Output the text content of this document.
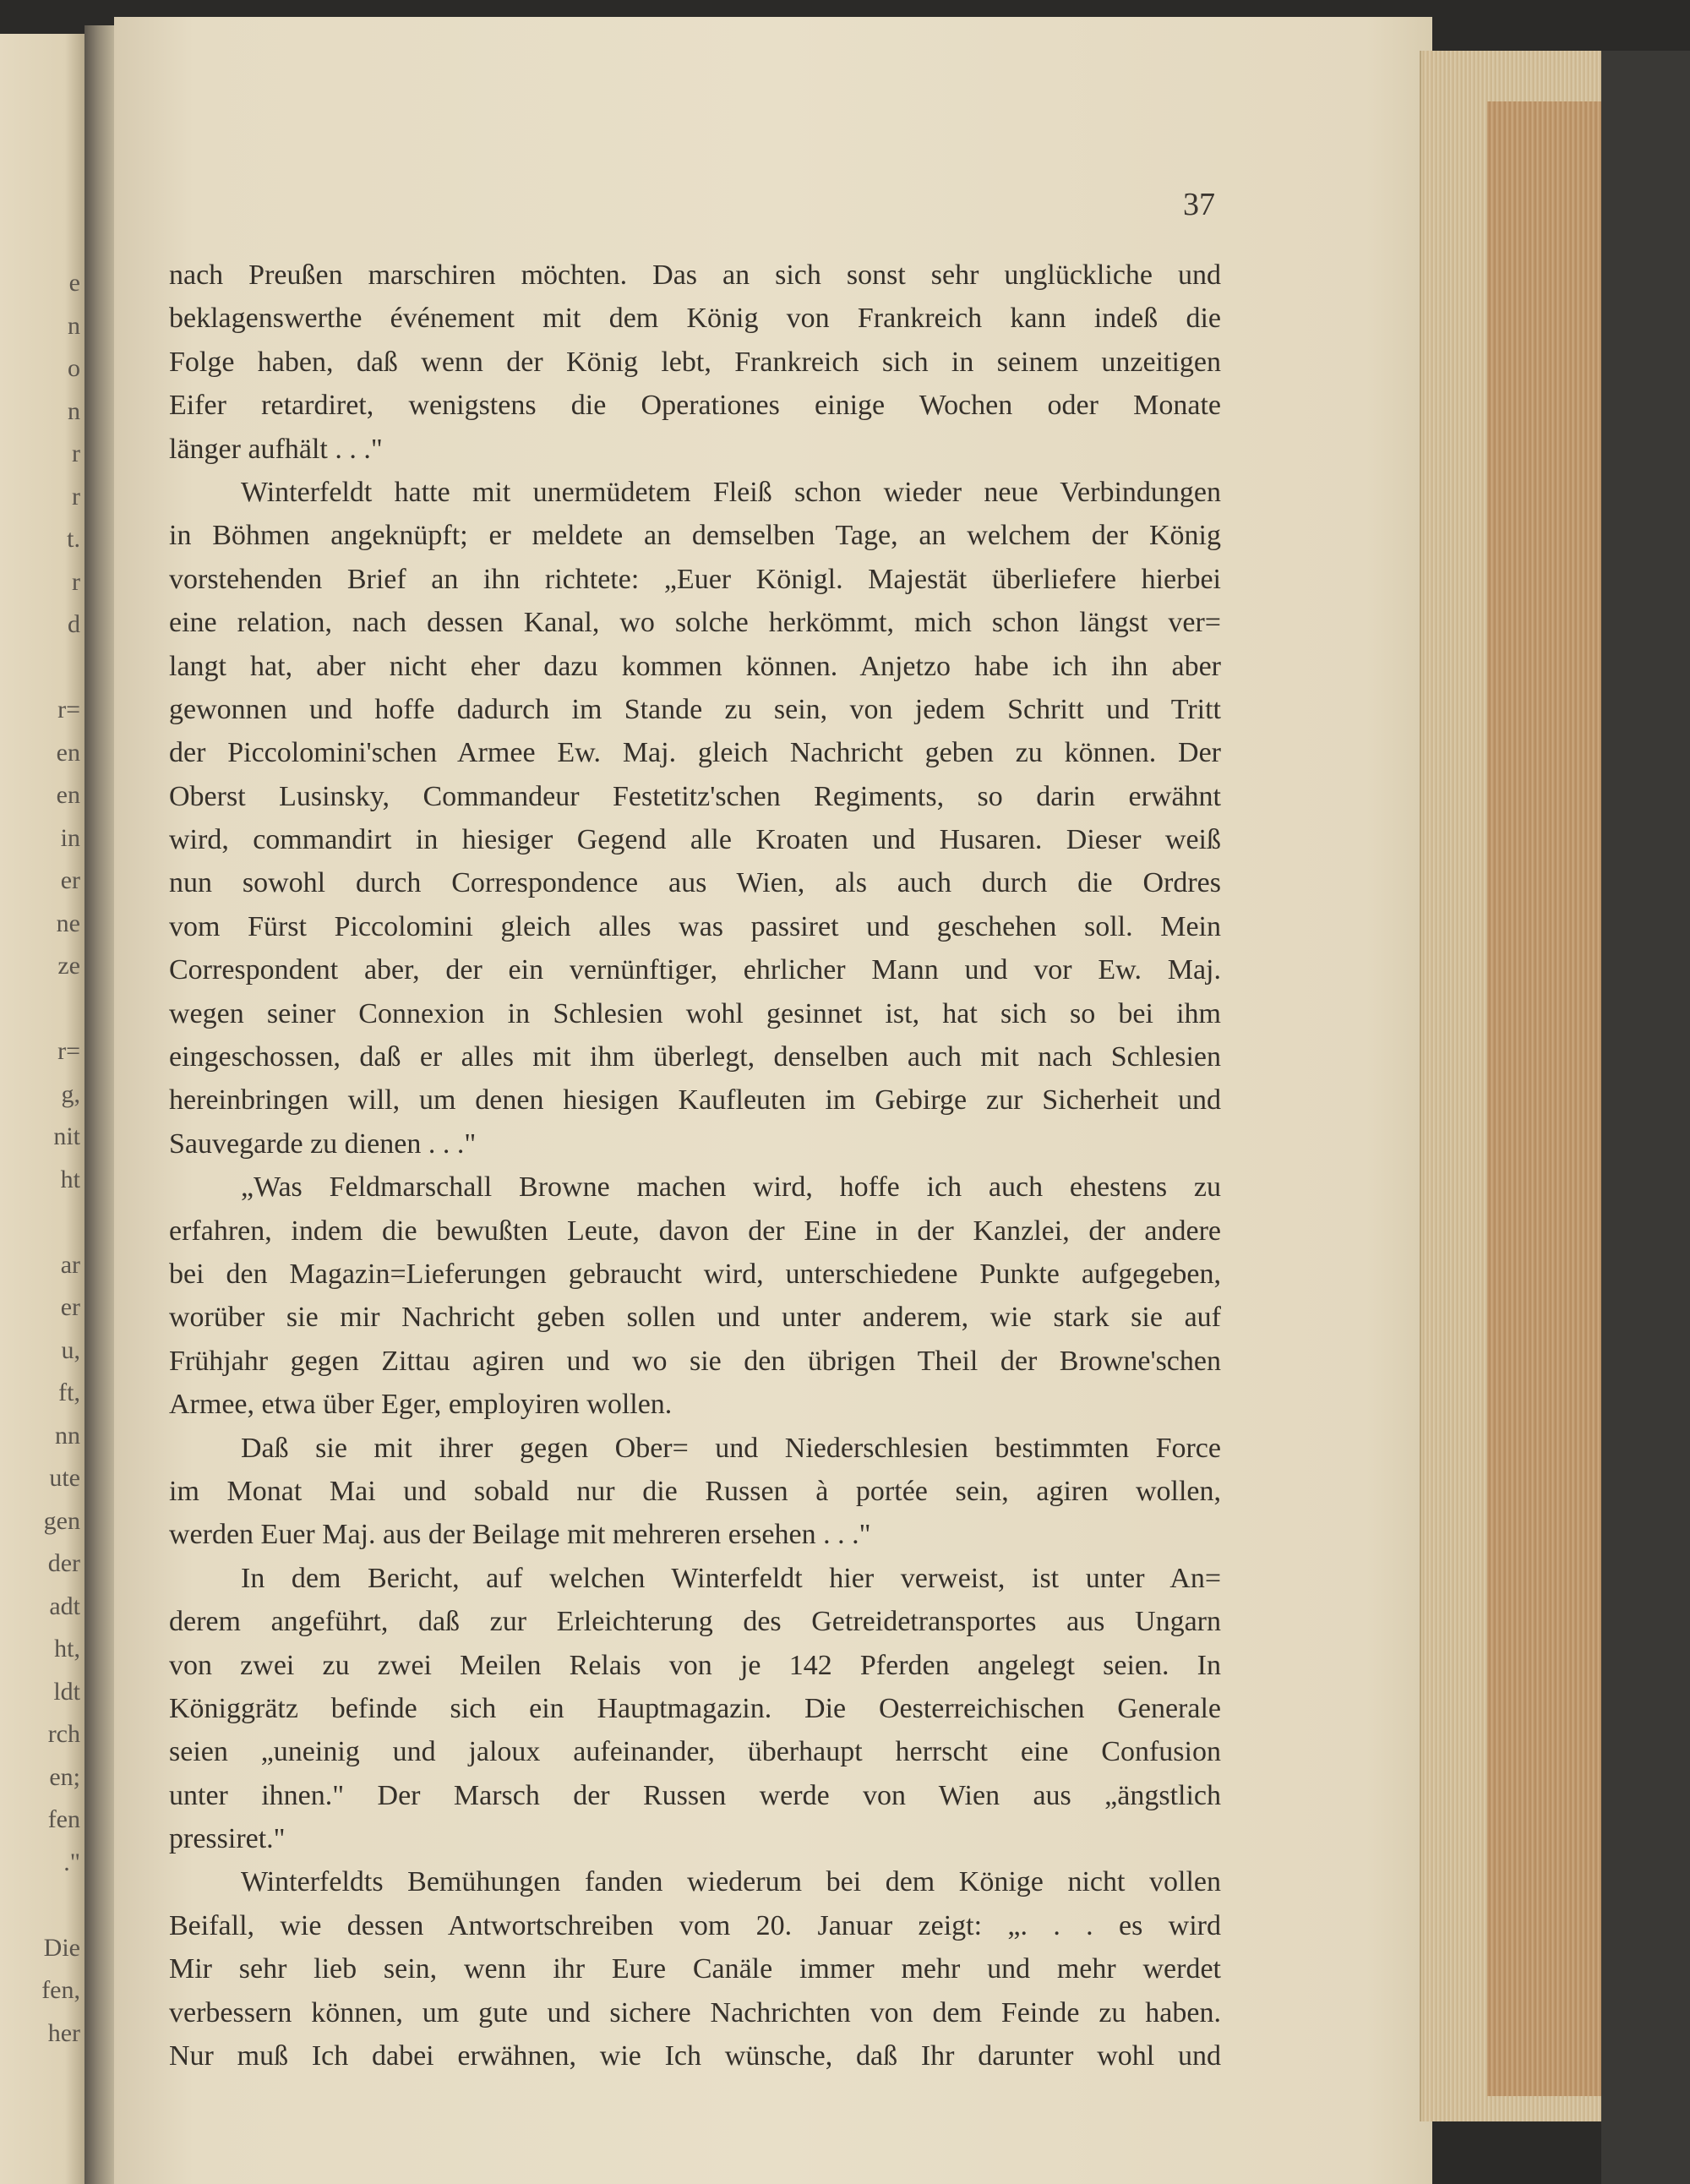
e
n
o
n
r
r
t.
r
d
r=
en
en
in
er
ne
ze
r=
g,
nit
ht
ar
er
u,
ft,
nn
ute
gen
der
adt
ht,
ldt
rch
en;
fen
."
Die
fen,
her
37
nach Preußen marschiren möchten. Das an sich sonst sehr unglückliche und
beklagenswerthe événement mit dem König von Frankreich kann indeß die
Folge haben, daß wenn der König lebt, Frankreich sich in seinem unzeitigen
Eifer retardiret, wenigstens die Operationes einige Wochen oder Monate
länger aufhält . . ."
Winterfeldt hatte mit unermüdetem Fleiß schon wieder neue Verbindungen
in Böhmen angeknüpft; er meldete an demselben Tage, an welchem der König
vorstehenden Brief an ihn richtete: „Euer Königl. Majestät überliefere hierbei
eine relation, nach dessen Kanal, wo solche herkömmt, mich schon längst ver=
langt hat, aber nicht eher dazu kommen können. Anjetzo habe ich ihn aber
gewonnen und hoffe dadurch im Stande zu sein, von jedem Schritt und Tritt
der Piccolomini'schen Armee Ew. Maj. gleich Nachricht geben zu können. Der
Oberst Lusinsky, Commandeur Festetitz'schen Regiments, so darin erwähnt
wird, commandirt in hiesiger Gegend alle Kroaten und Husaren. Dieser weiß
nun sowohl durch Correspondence aus Wien, als auch durch die Ordres
vom Fürst Piccolomini gleich alles was passiret und geschehen soll. Mein
Correspondent aber, der ein vernünftiger, ehrlicher Mann und vor Ew. Maj.
wegen seiner Connexion in Schlesien wohl gesinnet ist, hat sich so bei ihm
eingeschossen, daß er alles mit ihm überlegt, denselben auch mit nach Schlesien
hereinbringen will, um denen hiesigen Kaufleuten im Gebirge zur Sicherheit und
Sauvegarde zu dienen . . ."
„Was Feldmarschall Browne machen wird, hoffe ich auch ehestens zu
erfahren, indem die bewußten Leute, davon der Eine in der Kanzlei, der andere
bei den Magazin=Lieferungen gebraucht wird, unterschiedene Punkte aufgegeben,
worüber sie mir Nachricht geben sollen und unter anderem, wie stark sie auf
Frühjahr gegen Zittau agiren und wo sie den übrigen Theil der Browne'schen
Armee, etwa über Eger, employiren wollen.
Daß sie mit ihrer gegen Ober= und Niederschlesien bestimmten Force
im Monat Mai und sobald nur die Russen à portée sein, agiren wollen,
werden Euer Maj. aus der Beilage mit mehreren ersehen . . ."
In dem Bericht, auf welchen Winterfeldt hier verweist, ist unter An=
derem angeführt, daß zur Erleichterung des Getreidetransportes aus Ungarn
von zwei zu zwei Meilen Relais von je 142 Pferden angelegt seien. In
Königgrätz befinde sich ein Hauptmagazin. Die Oesterreichischen Generale
seien „uneinig und jaloux aufeinander, überhaupt herrscht eine Confusion
unter ihnen." Der Marsch der Russen werde von Wien aus „ängstlich
pressiret."
Winterfeldts Bemühungen fanden wiederum bei dem Könige nicht vollen
Beifall, wie dessen Antwortschreiben vom 20. Januar zeigt: „. . . es wird
Mir sehr lieb sein, wenn ihr Eure Canäle immer mehr und mehr werdet
verbessern können, um gute und sichere Nachrichten von dem Feinde zu haben.
Nur muß Ich dabei erwähnen, wie Ich wünsche, daß Ihr darunter wohl und
